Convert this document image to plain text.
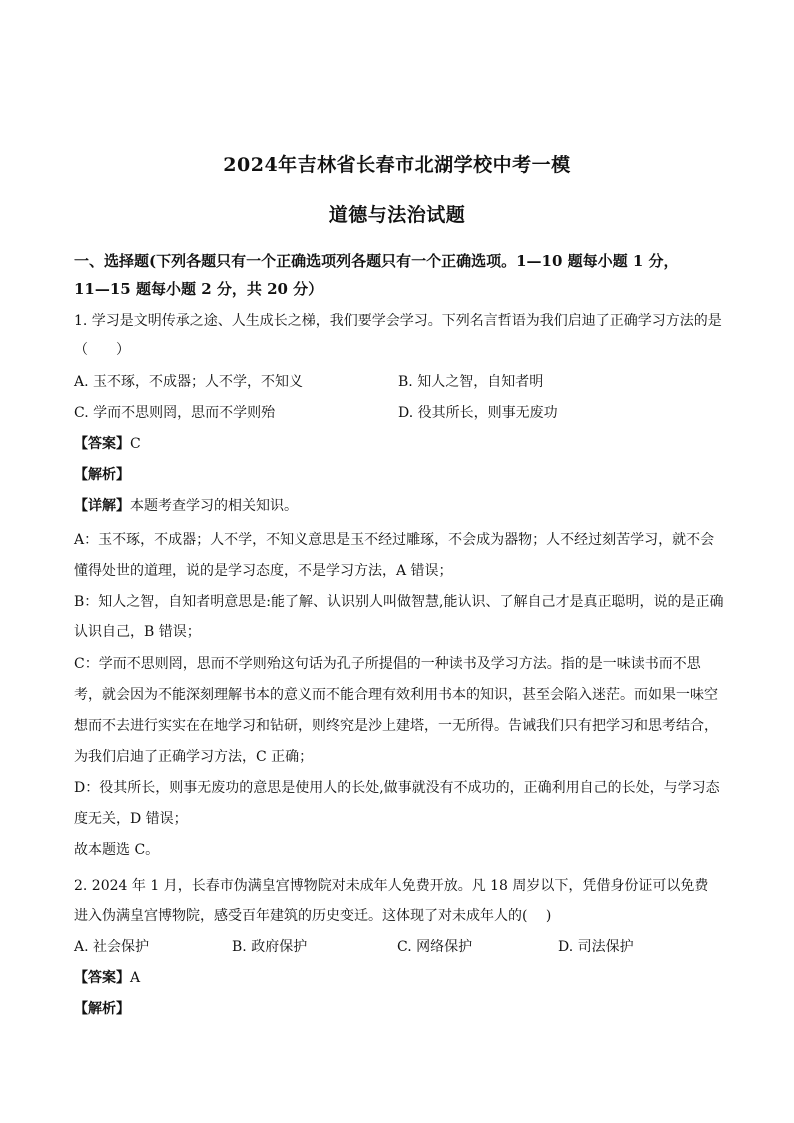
2024年吉林省长春市北湖学校中考一模
道德与法治试题
一、选择题(下列各题只有一个正确选项列各题只有一个正确选项。1—10 题每小题 1 分，
11—15 题每小题 2 分，共 20 分）
1. 学习是文明传承之途、人生成长之梯，我们要学会学习。下列名言哲语为我们启迪了正确学习方法的是
（　　）
A. 玉不琢，不成器；人不学，不知义	B. 知人之智，自知者明
C. 学而不思则罔，思而不学则殆	D. 役其所长，则事无废功
【答案】C
【解析】
【详解】本题考查学习的相关知识。
A：玉不琢，不成器；人不学，不知义意思是玉不经过雕琢，不会成为器物；人不经过刻苦学习，就不会
懂得处世的道理，说的是学习态度，不是学习方法，A 错误；
B：知人之智，自知者明意思是:能了解、认识别人叫做智慧,能认识、了解自己才是真正聪明，说的是正确
认识自己，B 错误；
C：学而不思则罔，思而不学则殆这句话为孔子所提倡的一种读书及学习方法。指的是一味读书而不思
考，就会因为不能深刻理解书本的意义而不能合理有效利用书本的知识，甚至会陷入迷茫。而如果一味空
想而不去进行实实在在地学习和钻研，则终究是沙上建塔，一无所得。告诫我们只有把学习和思考结合，
为我们启迪了正确学习方法，C 正确；
D：役其所长，则事无废功的意思是使用人的长处,做事就没有不成功的，正确利用自己的长处，与学习态
度无关，D 错误；
故本题选 C。
2. 2024 年 1 月，长春市伪满皇宫博物院对未成年人免费开放。凡 18 周岁以下，凭借身份证可以免费
进入伪满皇宫博物院，感受百年建筑的历史变迁。这体现了对未成年人的(　 )
A. 社会保护	B. 政府保护	C. 网络保护	D. 司法保护
【答案】A
【解析】
